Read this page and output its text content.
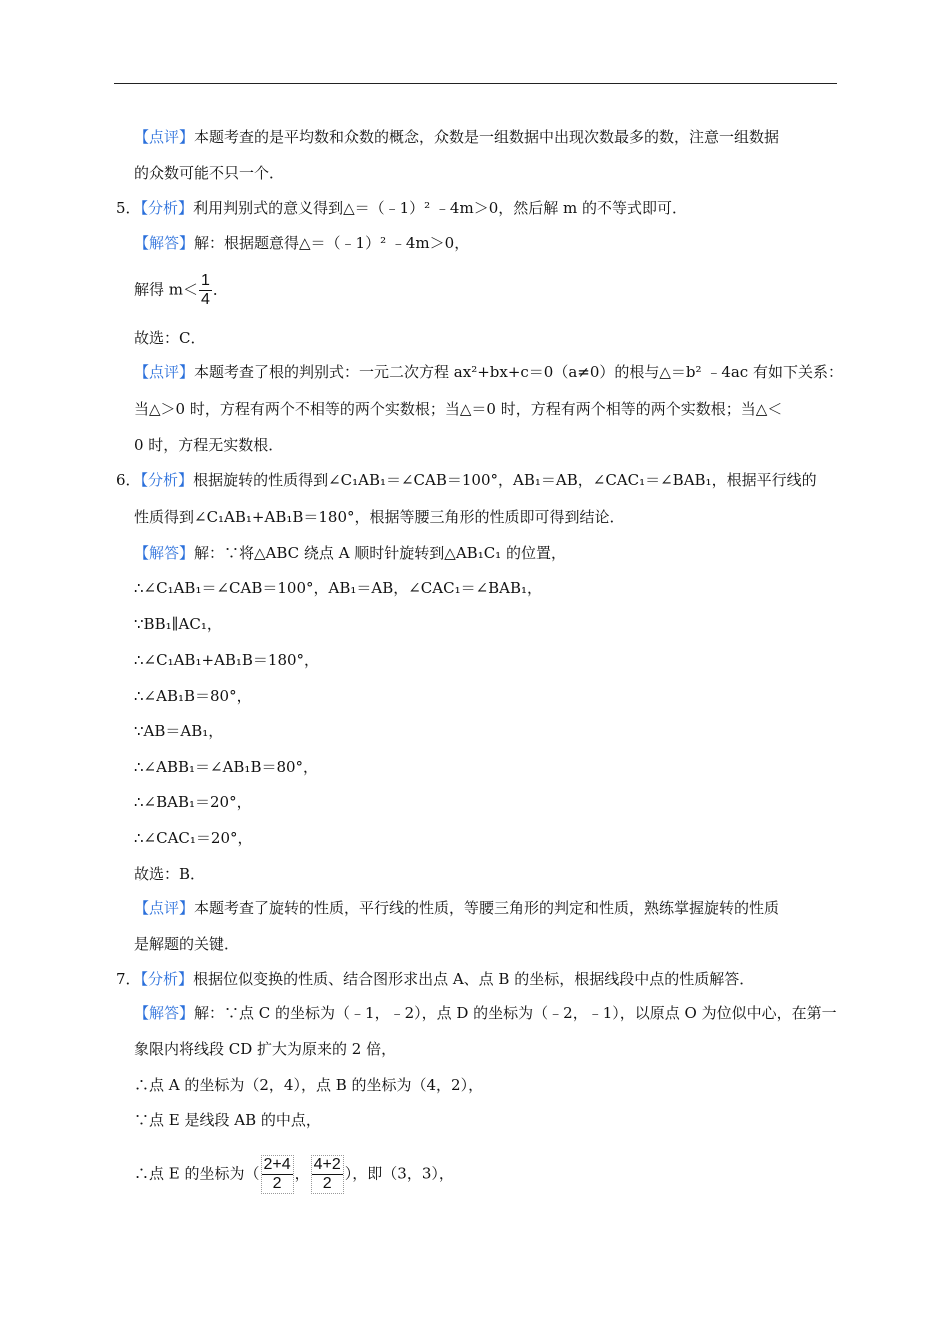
【点评】本题考查的是平均数和众数的概念，众数是一组数据中出现次数最多的数，注意一组数据
的众数可能不只一个．
5．【分析】利用判别式的意义得到△＝（﹣1）² ﹣4m＞0，然后解 m 的不等式即可．
【解答】解：根据题意得△＝（﹣1）² ﹣4m＞0，
解得 $m< \frac{1}{4}$ ．
故选：C．
【点评】本题考查了根的判别式：一元二次方程 ax²+bx+c＝0（a≠0）的根与△＝b² ﹣4ac 有如下关系：
当△＞0 时，方程有两个不相等的两个实数根；当△＝0 时，方程有两个相等的两个实数根；当△＜
0 时，方程无实数根．
6．【分析】根据旋转的性质得到∠C₁AB₁＝∠CAB＝100°，AB₁＝AB，∠CAC₁＝∠BAB₁，根据平行线的
性质得到∠C₁AB₁+AB₁B＝180°，根据等腰三角形的性质即可得到结论．
【解答】解：∵将△ABC 绕点 A 顺时针旋转到△AB₁C₁ 的位置，
∴∠C₁AB₁＝∠CAB＝100°，AB₁＝AB，∠CAC₁＝∠BAB₁，
∵BB₁∥AC₁，
∴∠C₁AB₁+AB₁B＝180°，
∴∠AB₁B＝80°，
∵AB＝AB₁，
∴∠ABB₁＝∠AB₁B＝80°，
∴∠BAB₁＝20°，
∴∠CAC₁＝20°，
故选：B．
【点评】本题考查了旋转的性质，平行线的性质，等腰三角形的判定和性质，熟练掌握旋转的性质
是解题的关键．
7．【分析】根据位似变换的性质、结合图形求出点 A、点 B 的坐标，根据线段中点的性质解答．
【解答】解：∵点 C 的坐标为（﹣1，﹣2），点 D 的坐标为（﹣2，﹣1），以原点 O 为位似中心，在第一
象限内将线段 CD 扩大为原来的 2 倍，
∴点 A 的坐标为（2，4），点 B 的坐标为（4，2），
∵点 E 是线段 AB 的中点，
∴点 E 的坐标为（ $\frac{2+4}{2}$ ， $\frac{4+2}{2}$ ），即（3，3），
